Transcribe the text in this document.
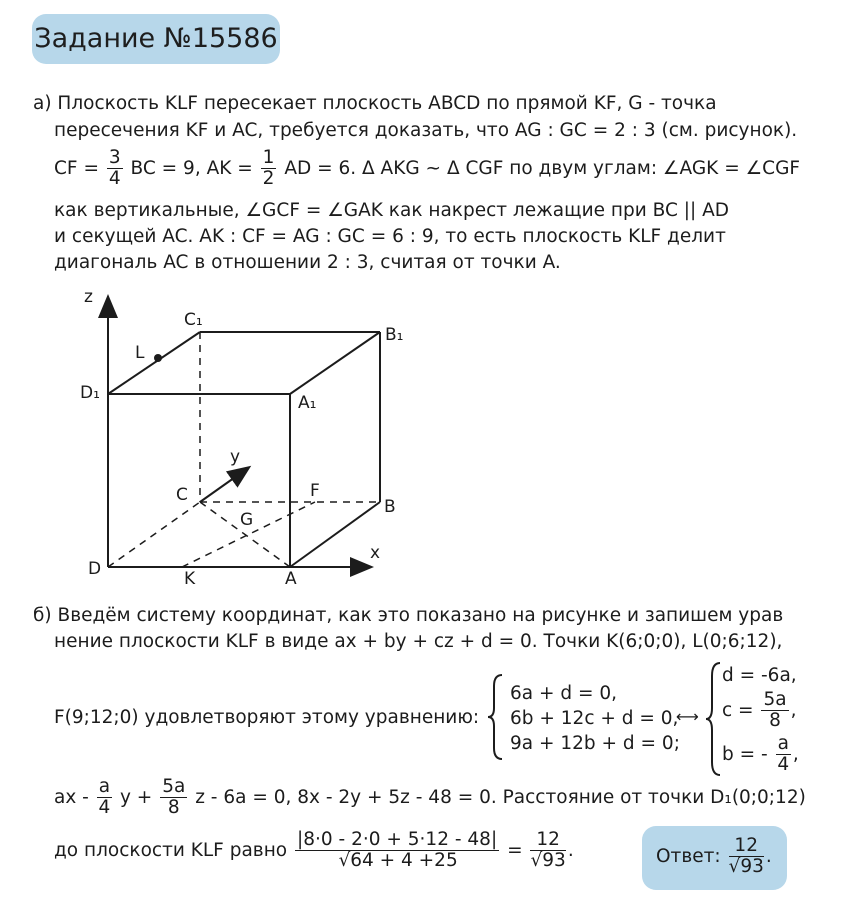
Задание №15586
а) Плоскость KLF пересекает плоскость ABCD по прямой KF, G - точка
пересечения KF и AC, требуется доказать, что AG : GC = 2 : 3 (см. рисунок).
CF = $\frac{3}{4}$ BC = 9, AK = $\frac{1}{2}$ AD = 6. Δ AKG ~ Δ CGF по двум углам: ∠AGK = ∠CGF
как вертикальные, ∠GCF = ∠GAK как накрест лежащие при BC || AD
и секущей AC. AK : CF = AG : GC = 6 : 9, то есть плоскость KLF делит
диагональ AC в отношении 2 : 3, считая от точки A.
z
y
x
C₁
B₁
D₁	A₁
L
C	F
B
G
D	K	A
б) Введём систему координат, как это показано на рисунке и запишем урав
нение плоскости KLF в виде ax + by + cz + d = 0. Точки K(6;0;0), L(0;6;12),
F(9;12;0) удовлетворяют этому уравнению:
6a + d = 0,
6b + 12c + d = 0,
9a + 12b + d = 0;
⟷
d = -6a,
$c = \frac{5a}{8}$ ,
b = - $\frac{a}{4}$ ,
ax - $\frac{a}{4}$ $y + \frac{5a}{8}$ z - 6a = 0, 8x - 2y + 5z - 48 = 0. Расстояние от точки D₁(0;0;12)
до плоскости KLF равно $\frac{|8\cdot 0 - 2\cdot 0 + 5\cdot 12 - 48|}{√64 + 4 +25} = \frac{12}{√93}$ .	Ответ: $\frac{12}{√93}$ .
